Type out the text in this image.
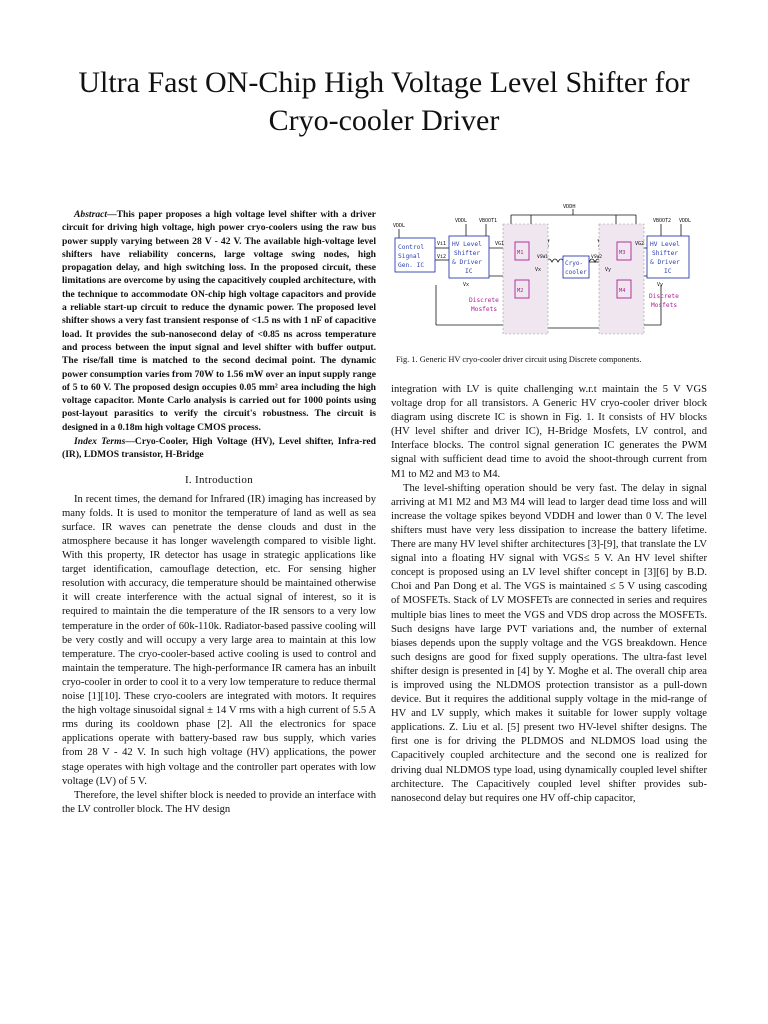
Ultra Fast ON-Chip High Voltage Level Shifter for
Cryo-cooler Driver

Abstract—This paper proposes a high voltage level shifter with a driver circuit for driving high voltage, high power cryo-coolers using the raw bus power supply varying between 28 V - 42 V. The available high-voltage level shifters have reliability concerns, large voltage swing nodes, high propagation delay, and high switching loss. In the proposed circuit, these limitations are overcome by using the capacitively coupled architecture, with the technique to accommodate ON-chip high voltage capacitors and provide a reliable start-up circuit to reduce the dynamic power. The proposed level shifter shows a very fast transient response of <1.5 ns with 1 nF of capacitive load. It provides the sub-nanosecond delay of <0.85 ns across temperature and process between the input signal and level shifter with buffer output. The rise/fall time is matched to the second decimal point. The dynamic power consumption varies from 70W to 1.56 mW over an input supply range of 5 to 60 V. The proposed design occupies 0.05 mm² area including the high voltage capacitor. Monte Carlo analysis is carried out for 1000 points using post-layout parasitics to verify the circuit's robustness. The circuit is designed in a 0.18m high voltage CMOS process.

Index Terms—Cryo-Cooler, High Voltage (HV), Level shifter, Infra-red (IR), LDMOS transistor, H-Bridge

I. Introduction

In recent times, the demand for Infrared (IR) imaging has increased by many folds. It is used to monitor the temperature of land as well as sea surface. IR waves can penetrate the dense clouds and dust in the atmosphere because it has longer wavelength compared to visible light. With this property, IR detector has usage in strategic applications like target identification, camouflage detection, etc. For sensing higher resolution with accuracy, die temperature should be maintained otherwise it will create interference with the actual signal of interest, so it is required to maintain the die temperature of the IR sensors to a very low temperature in the order of 60k-110k. Radiator-based passive cooling will be very costly and will occupy a very large area to maintain at this low temperature. The cryo-cooler-based active cooling is used to control and maintain the temperature. The high-performance IR camera has an inbuilt cryo-cooler in order to cool it to a very low temperature to reduce thermal noise [1][10]. These cryo-coolers are integrated with motors. It requires the high voltage sinusoidal signal ± 14 V rms with a high current of 5.5 A rms during its cooldown phase [2]. All the electronics for space applications operate with battery-based raw bus supply, which varies from 28 V - 42 V. In such high voltage (HV) applications, the power stage operates with high voltage and the controller part operates with low voltage (LV) of 5 V.

Therefore, the level shifter block is needed to provide an interface with the LV controller block. The HV design

Control
Signal
Gen. IC
HV Level
Shifter
& Driver
IC
HV Level
Shifter
& Driver
IC
Cryo-
cooler
M1
M2
M3
M4
Discrete
Mosfets
Discrete
Mosfets
VDDH
VDDL
VDDL VBOOT1	VBOOT2 VDDL
Vi1
Vi2
VG1	VG2
Vx
Vx	Vy
Vy
VSW1	VSW2

Fig. 1. Generic HV cryo-cooler driver circuit using Discrete components.

integration with LV is quite challenging w.r.t maintain the 5 V VGS voltage drop for all transistors. A Generic HV cryo-cooler driver block diagram using discrete IC is shown in Fig. 1. It consists of HV blocks (HV level shifter and driver IC), H-Bridge Mosfets, LV control, and Interface blocks. The control signal generation IC generates the PWM signal with sufficient dead time to avoid the shoot-through current from M1 to M2 and M3 to M4.

The level-shifting operation should be very fast. The delay in signal arriving at M1 M2 and M3 M4 will lead to larger dead time loss and will increase the voltage spikes beyond VDDH and lower than 0 V. The level shifters must have very less dissipation to increase the battery lifetime. There are many HV level shifter architectures [3]-[9], that translate the LV signal into a floating HV signal with VGS≤ 5 V. An HV level shifter concept is proposed using an LV level shifter concept in [3][6] by B.D. Choi and Pan Dong et al. The VGS is maintained ≤ 5 V using cascoding of MOSFETs. Stack of LV MOSFETs are connected in series and requires multiple bias lines to meet the VGS and VDS drop across the MOSFETs. Such designs have large PVT variations and, the number of external biases depends upon the supply voltage and the VGS breakdown. Hence such designs are good for fixed supply operations. The ultra-fast level shifter design is presented in [4] by Y. Moghe et al. The overall chip area is improved using the NLDMOS protection transistor as a pull-down device. But it requires the additional supply voltage in the mid-range of HV and LV supply, which makes it suitable for lower supply voltage applications. Z. Liu et al. [5] present two HV-level shifter designs. The first one is for driving the PLDMOS and NLDMOS load using the Capacitively coupled architecture and the second one is realized for driving dual NLDMOS type load, using dynamically coupled level shifter architecture. The Capacitively coupled level shifter provides sub-nanosecond delay but requires one HV off-chip capacitor,
